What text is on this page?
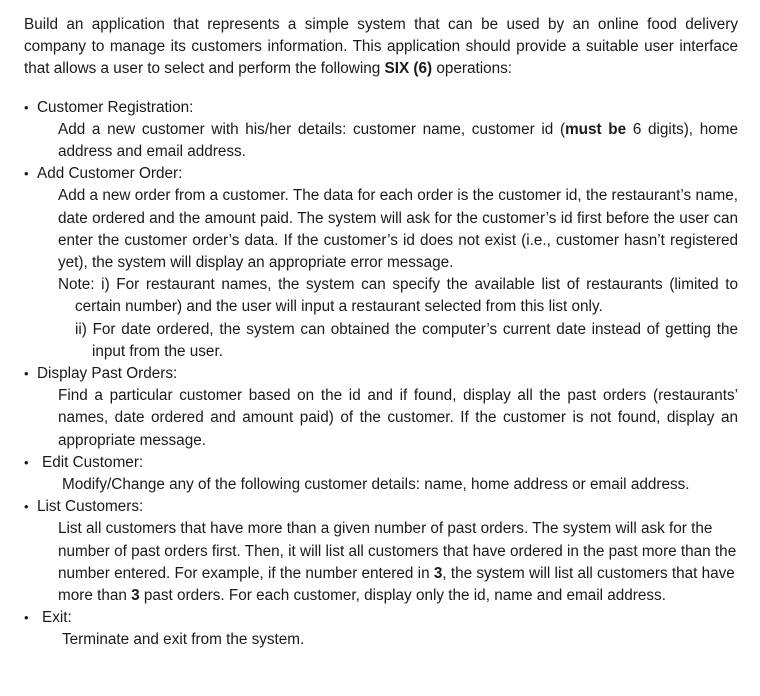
Build an application that represents a simple system that can be used by an online food delivery company to manage its customers information. This application should provide a suitable user interface that allows a user to select and perform the following SIX (6) operations:

• Customer Registration:

Add a new customer with his/her details: customer name, customer id (must be 6 digits), home address and email address.

• Add Customer Order:

Add a new order from a customer. The data for each order is the customer id, the restaurant’s name, date ordered and the amount paid. The system will ask for the customer’s id first before the user can enter the customer order’s data. If the customer’s id does not exist (i.e., customer hasn’t registered yet), the system will display an appropriate error message.

Note: i) For restaurant names, the system can specify the available list of restaurants (limited to certain number) and the user will input a restaurant selected from this list only.

ii) For date ordered, the system can obtained the computer’s current date instead of getting the input from the user.

• Display Past Orders:

Find a particular customer based on the id and if found, display all the past orders (restaurants’ names, date ordered and amount paid) of the customer. If the customer is not found, display an appropriate message.

• Edit Customer:

Modify/Change any of the following customer details: name, home address or email address.

• List Customers:

List all customers that have more than a given number of past orders. The system will ask for the number of past orders first. Then, it will list all customers that have ordered in the past more than the number entered. For example, if the number entered in 3, the system will list all customers that have more than 3 past orders. For each customer, display only the id, name and email address.

• Exit:

Terminate and exit from the system.
